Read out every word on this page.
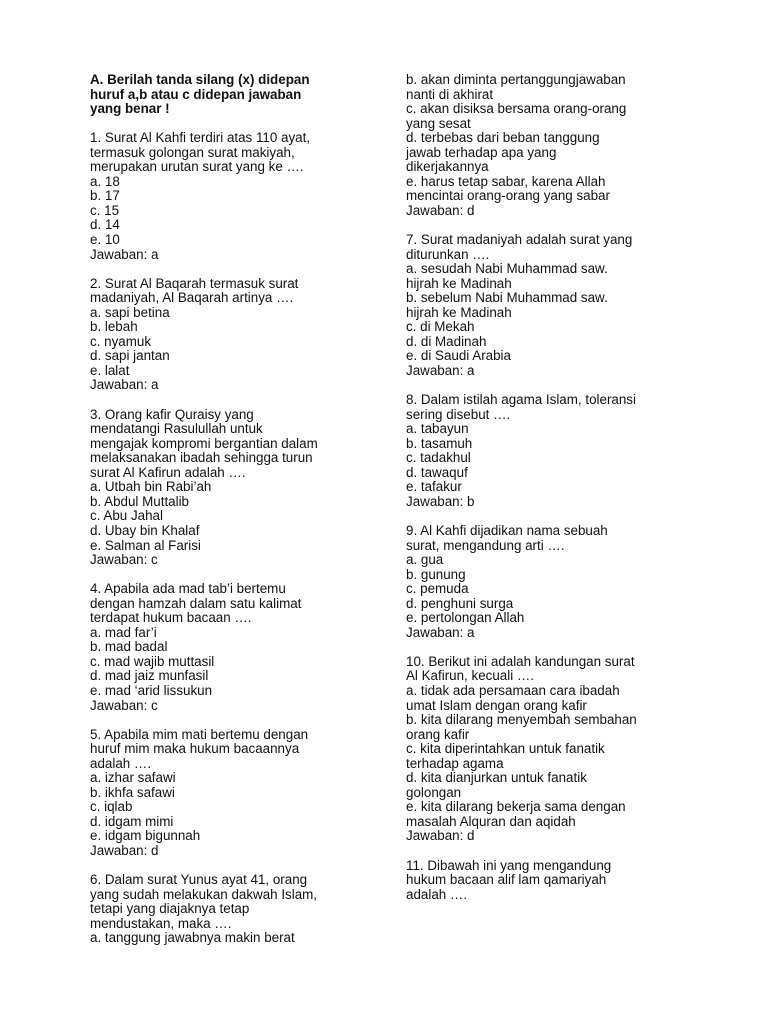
A. Berilah tanda silang (x) didepan
huruf a,b atau c didepan jawaban
yang benar !
1. Surat Al Kahfi terdiri atas 110 ayat,
termasuk golongan surat makiyah,
merupakan urutan surat yang ke ….
a. 18
b. 17
c. 15
d. 14
e. 10
Jawaban: a
2. Surat Al Baqarah termasuk surat
madaniyah, Al Baqarah artinya ….
a. sapi betina
b. lebah
c. nyamuk
d. sapi jantan
e. lalat
Jawaban: a
3. Orang kafir Quraisy yang
mendatangi Rasulullah untuk
mengajak kompromi bergantian dalam
melaksanakan ibadah sehingga turun
surat Al Kafirun adalah ….
a. Utbah bin Rabi’ah
b. Abdul Muttalib
c. Abu Jahal
d. Ubay bin Khalaf
e. Salman al Farisi
Jawaban: c
4. Apabila ada mad tab’i bertemu
dengan hamzah dalam satu kalimat
terdapat hukum bacaan ….
a. mad far’i
b. mad badal
c. mad wajib muttasil
d. mad jaiz munfasil
e. mad ‘arid lissukun
Jawaban: c
5. Apabila mim mati bertemu dengan
huruf mim maka hukum bacaannya
adalah ….
a. izhar safawi
b. ikhfa safawi
c. iqlab
d. idgam mimi
e. idgam bigunnah
Jawaban: d
6. Dalam surat Yunus ayat 41, orang
yang sudah melakukan dakwah Islam,
tetapi yang diajaknya tetap
mendustakan, maka ….
a. tanggung jawabnya makin berat
b. akan diminta pertanggungjawaban
nanti di akhirat
c. akan disiksa bersama orang-orang
yang sesat
d. terbebas dari beban tanggung
jawab terhadap apa yang
dikerjakannya
e. harus tetap sabar, karena Allah
mencintai orang-orang yang sabar
Jawaban: d
7. Surat madaniyah adalah surat yang
diturunkan ….
a. sesudah Nabi Muhammad saw.
hijrah ke Madinah
b. sebelum Nabi Muhammad saw.
hijrah ke Madinah
c. di Mekah
d. di Madinah
e. di Saudi Arabia
Jawaban: a
8. Dalam istilah agama Islam, toleransi
sering disebut ….
a. tabayun
b. tasamuh
c. tadakhul
d. tawaquf
e. tafakur
Jawaban: b
9. Al Kahfi dijadikan nama sebuah
surat, mengandung arti ….
a. gua
b. gunung
c. pemuda
d. penghuni surga
e. pertolongan Allah
Jawaban: a
10. Berikut ini adalah kandungan surat
Al Kafirun, kecuali ….
a. tidak ada persamaan cara ibadah
umat Islam dengan orang kafir
b. kita dilarang menyembah sembahan
orang kafir
c. kita diperintahkan untuk fanatik
terhadap agama
d. kita dianjurkan untuk fanatik
golongan
e. kita dilarang bekerja sama dengan
masalah Alquran dan aqidah
Jawaban: d
11. Dibawah ini yang mengandung
hukum bacaan alif lam qamariyah
adalah ….
